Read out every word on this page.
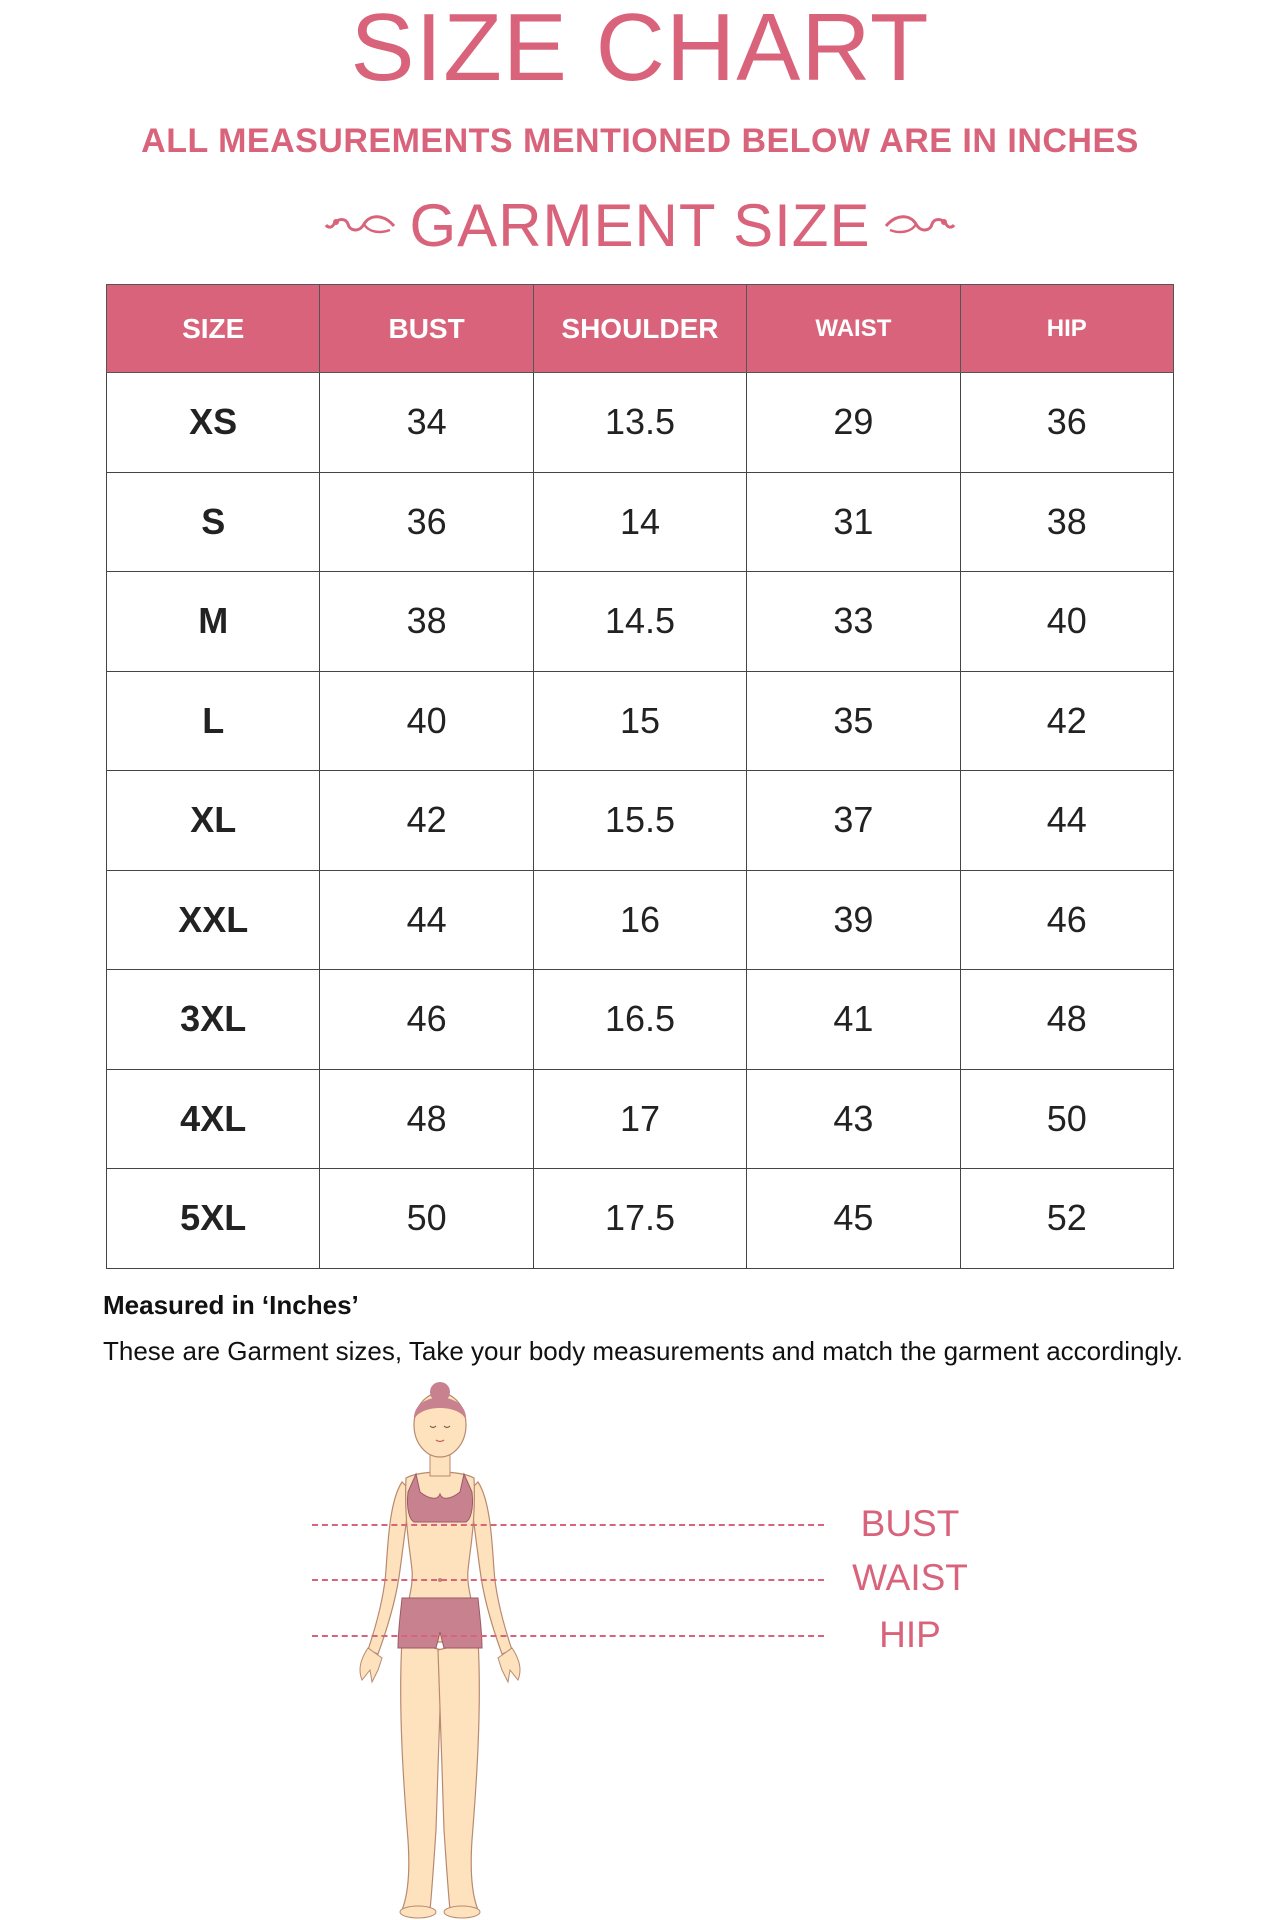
SIZE CHART
ALL MEASUREMENTS MENTIONED BELOW ARE IN INCHES
GARMENT SIZE
SIZE	BUST	SHOULDER	WAIST	HIP
XS	34	13.5	29	36
S	36	14	31	38
M	38	14.5	33	40
L	40	15	35	42
XL	42	15.5	37	44
XXL	44	16	39	46
3XL	46	16.5	41	48
4XL	48	17	43	50
5XL	50	17.5	45	52
Measured in ‘Inches’
These are Garment sizes, Take your body measurements and match the garment accordingly.
BUST
WAIST
HIP
